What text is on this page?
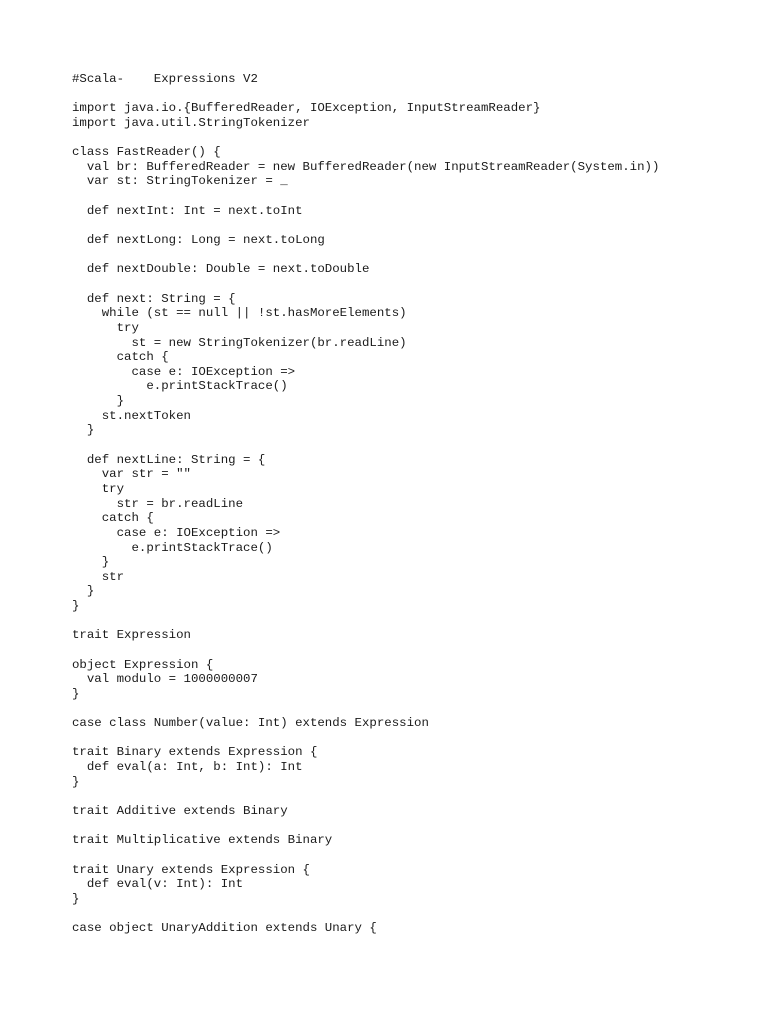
#Scala-    Expressions V2
import java.io.{BufferedReader, IOException, InputStreamReader}
import java.util.StringTokenizer
class FastReader() {
val br: BufferedReader = new BufferedReader(new InputStreamReader(System.in))
var st: StringTokenizer = _
def nextInt: Int = next.toInt
def nextLong: Long = next.toLong
def nextDouble: Double = next.toDouble
def next: String = {
while (st == null || !st.hasMoreElements)
try
st = new StringTokenizer(br.readLine)
catch {
case e: IOException =>
e.printStackTrace()
}
st.nextToken
}
def nextLine: String = {
var str = ""
try
str = br.readLine
catch {
case e: IOException =>
e.printStackTrace()
}
str
}
}
trait Expression
object Expression {
val modulo = 1000000007
}
case class Number(value: Int) extends Expression
trait Binary extends Expression {
def eval(a: Int, b: Int): Int
}
trait Additive extends Binary
trait Multiplicative extends Binary
trait Unary extends Expression {
def eval(v: Int): Int
}
case object UnaryAddition extends Unary {
